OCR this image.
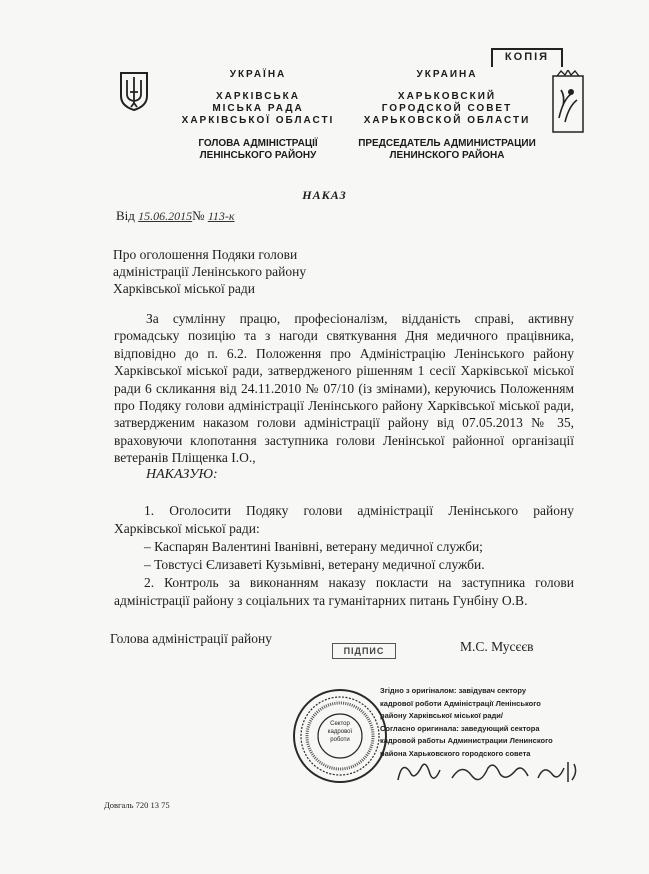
КОПІЯ
УКРАЇНА
ХАРКІВСЬКА
МІСЬКА РАДА
ХАРКІВСЬКОЇ ОБЛАСТІ
ГОЛОВА АДМІНІСТРАЦІЇ
ЛЕНІНСЬКОГО РАЙОНУ
УКРАИНА
ХАРЬКОВСКИЙ
ГОРОДСКОЙ СОВЕТ
ХАРЬКОВСКОЙ ОБЛАСТИ
ПРЕДСЕДАТЕЛЬ АДМИНИСТРАЦИИ
ЛЕНИНСКОГО РАЙОНА
НАКАЗ
Від 15.06.2015№ 113-к
Про оголошення Подяки голови
адміністрації Ленінського району
Харківської міської ради
За сумлінну працю, професіоналізм, відданість справі, активну громадську позицію та з нагоди святкування Дня медичного працівника, відповідно до п. 6.2. Положення про Адміністрацію Ленінського району Харківської міської ради, затвердженого рішенням 1 сесії Харківської міської ради 6 скликання від 24.11.2010 № 07/10 (із змінами), керуючись Положенням про Подяку голови адміністрації Ленінського району Харківської міської ради, затвердженим наказом голови адміністрації району від 07.05.2013 № 35, враховуючи клопотання заступника голови Ленінської районної організації ветеранів Пліщенка І.О.,
НАКАЗУЮ:

1. Оголосити Подяку голови адміністрації Ленінського району Харківської міської ради:

– Каспарян Валентині Іванівні, ветерану медичної служби;

– Товстусі Єлизаветі Кузьмівні, ветерану медичної служби.

2. Контроль за виконанням наказу покласти на заступника голови адміністрації району з соціальних та гуманітарних питань Гунбіну О.В.

Голова адміністрації району
ПІДПИС	М.С. Мусєєв
Сектор
кадрової
роботи
Згідно з оригіналом: завідувач сектору
кадрової роботи Адміністрації Ленінського
району Харківської міської ради/
Согласно оригинала: заведующий сектора
кадровой работы Администрации Ленинского
района Харьковского городского совета
Довгаль 720 13 75
